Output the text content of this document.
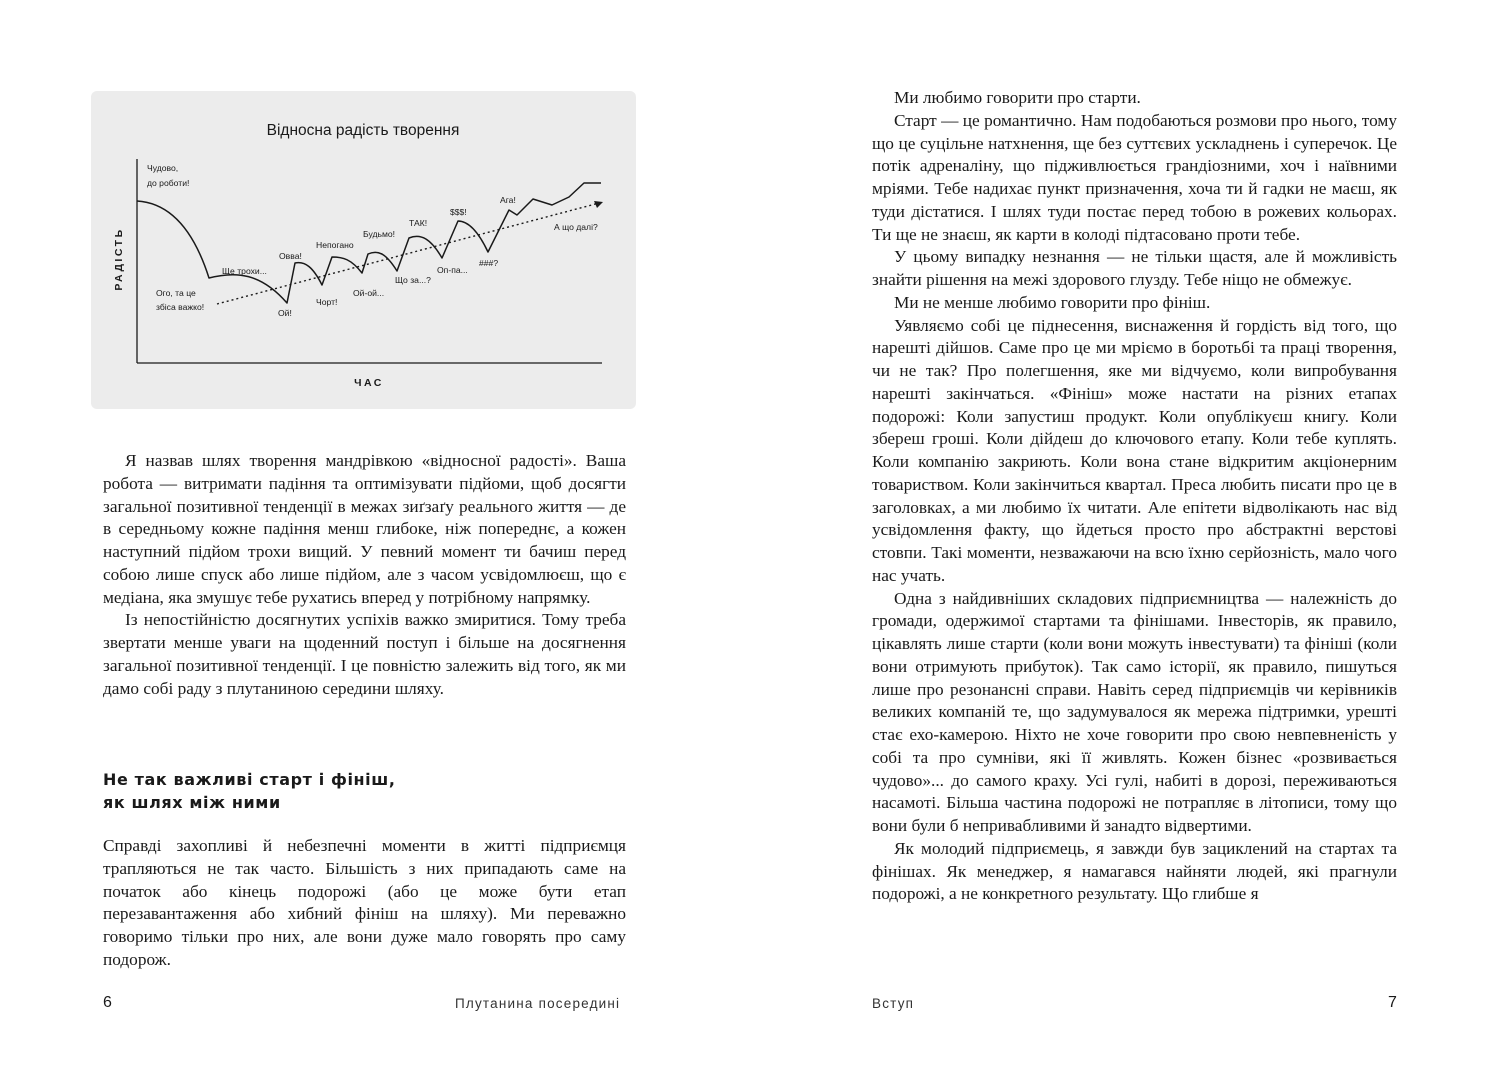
Відносна радість творення
РАДІСТЬ
ЧАС
Чудово,
до роботи!
Ого, та це
збіса важко!
Ще трохи...
Ой!
Овва!
Непогано
Чорт!
Будьмо!
Ой-ой...
ТАК!
Що за...?
$$$!
Оп-па...
###?
Ага!
А що далі?

Я назвав шлях творення мандрівкою «відносної радості». Ваша робота — витримати падіння та оптимізувати підйоми, щоб досягти загальної позитивної тенденції в межах зиґзаґу реального життя — де в середньому кожне падіння менш глибоке, ніж попереднє, а кожен наступний підйом трохи вищий. У певний момент ти бачиш перед собою лише спуск або лише підйом, але з часом усвідомлюєш, що є медіана, яка змушує тебе рухатись вперед у потрібному напрямку.

Із непостійністю досягнутих успіхів важко змиритися. Тому треба звертати менше уваги на щоденний поступ і більше на досягнення загальної позитивної тенденції. І це повністю залежить від того, як ми дамо собі раду з плутаниною середини шляху.

Не так важливі старт і фініш,
як шлях між ними

Справді захопливі й небезпечні моменти в житті підприємця трапляються не так часто. Більшість з них припадають саме на початок або кінець подорожі (або це може бути етап перезавантаження або хибний фініш на шляху). Ми переважно говоримо тільки про них, але вони дуже мало говорять про саму подорож.

6	Плутанина посередині

Ми любимо говорити про старти.

Старт — це романтично. Нам подобаються розмови про нього, тому що це суцільне натхнення, ще без суттєвих ускладнень і суперечок. Це потік адреналіну, що підживлюється грандіозними, хоч і наївними мріями. Тебе надихає пункт призначення, хоча ти й гадки не маєш, як туди дістатися. І шлях туди постає перед тобою в рожевих кольорах. Ти ще не знаєш, як карти в колоді підтасовано проти тебе.

У цьому випадку незнання — не тільки щастя, але й можливість знайти рішення на межі здорового глузду. Тебе ніщо не обмежує.

Ми не менше любимо говорити про фініш.

Уявляємо собі це піднесення, виснаження й гордість від того, що нарешті дійшов. Саме про це ми мріємо в боротьбі та праці творення, чи не так? Про полегшення, яке ми відчуємо, коли випробування нарешті закінчаться. «Фініш» може настати на різних етапах подорожі: Коли запустиш продукт. Коли опублікуєш книгу. Коли збереш гроші. Коли дійдеш до ключового етапу. Коли тебе куплять. Коли компанію закриють. Коли вона стане відкритим акціонерним товариством. Коли закінчиться квартал. Преса любить писати про це в заголовках, а ми любимо їх читати. Але епітети відволікають нас від усвідомлення факту, що йдеться просто про абстрактні верстові стовпи. Такі моменти, незважаючи на всю їхню серйозність, мало чого нас учать.

Одна з найдивніших складових підприємництва — належність до громади, одержимої стартами та фінішами. Інвесторів, як правило, цікавлять лише старти (коли вони можуть інвестувати) та фініші (коли вони отримують прибуток). Так само історії, як правило, пишуться лише про резонансні справи. Навіть серед підприємців чи керівників великих компаній те, що задумувалося як мережа підтримки, урешті стає ехо-камерою. Ніхто не хоче говорити про свою невпевненість у собі та про сумніви, які її живлять. Кожен бізнес «розвивається чудово»... до самого краху. Усі гулі, набиті в дорозі, переживаються насамоті. Більша частина подорожі не потрапляє в літописи, тому що вони були б непривабливими й занадто відвертими.

Як молодий підприємець, я завжди був зациклений на стартах та фінішах. Як менеджер, я намагався найняти людей, які прагнули подорожі, а не конкретного результату. Що глибше я

Вступ	7
